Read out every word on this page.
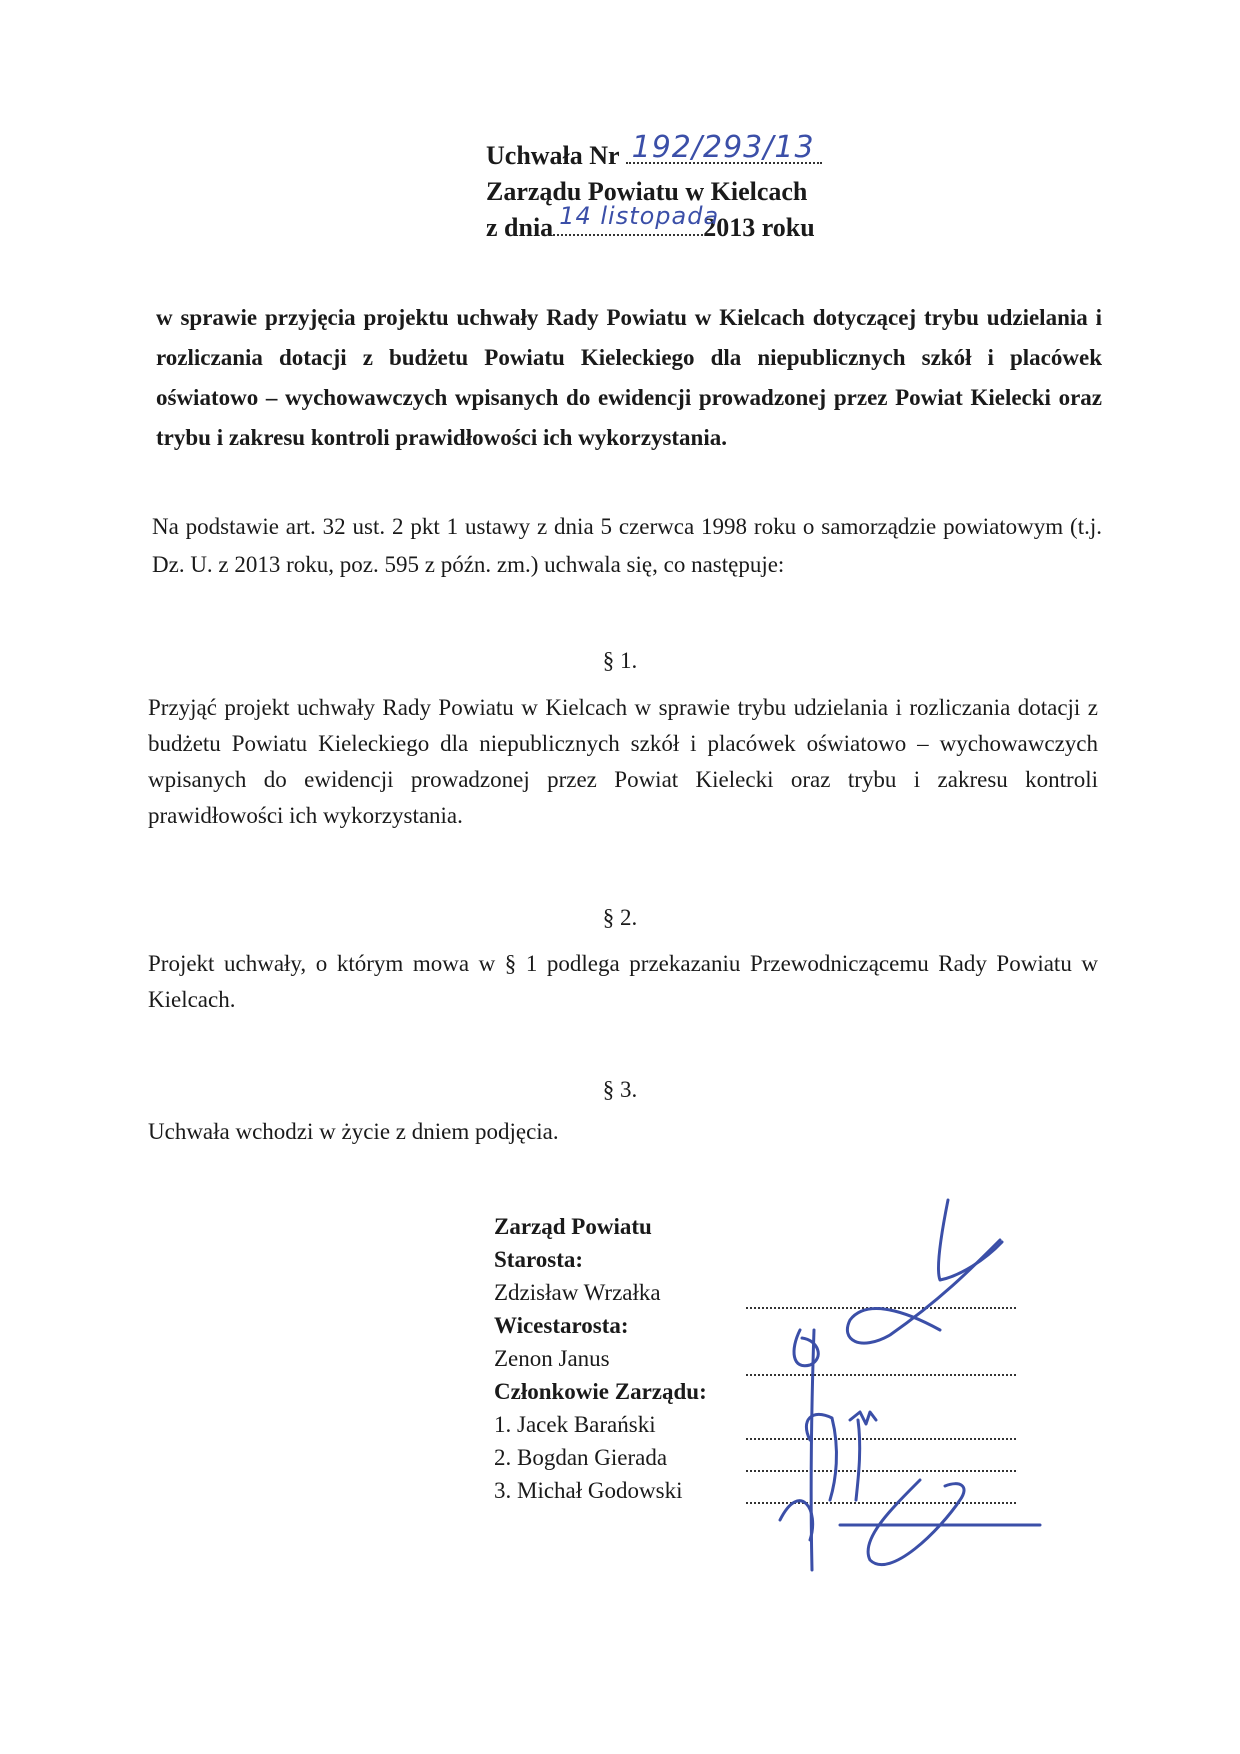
Uchwała Nr 192/293/13
Zarządu Powiatu w Kielcach
z dnia 14 listopada
2013 roku
w sprawie przyjęcia projektu uchwały Rady Powiatu w Kielcach dotyczącej trybu udzielania i rozliczania dotacji z budżetu Powiatu Kieleckiego dla niepublicznych szkół i placówek oświatowo – wychowawczych wpisanych do ewidencji prowadzonej przez Powiat Kielecki oraz trybu i zakresu kontroli prawidłowości ich wykorzystania.
Na podstawie art. 32 ust. 2 pkt 1 ustawy z dnia 5 czerwca 1998 roku o samorządzie powiatowym (t.j. Dz. U. z 2013 roku, poz. 595 z późn. zm.) uchwala się, co następuje:
§ 1.
Przyjąć projekt uchwały Rady Powiatu w Kielcach w sprawie trybu udzielania i rozliczania dotacji z budżetu Powiatu Kieleckiego dla niepublicznych szkół i placówek oświatowo – wychowawczych wpisanych do ewidencji prowadzonej przez Powiat Kielecki oraz trybu i zakresu kontroli prawidłowości ich wykorzystania.
§ 2.
Projekt uchwały, o którym mowa w § 1 podlega przekazaniu Przewodniczącemu Rady Powiatu w Kielcach.
§ 3.
Uchwała wchodzi w życie z dniem podjęcia.
Zarząd Powiatu
Starosta:
Zdzisław Wrzałka
Wicestarosta:
Zenon Janus
Członkowie Zarządu:
1. Jacek Barański
2. Bogdan Gierada
3. Michał Godowski
